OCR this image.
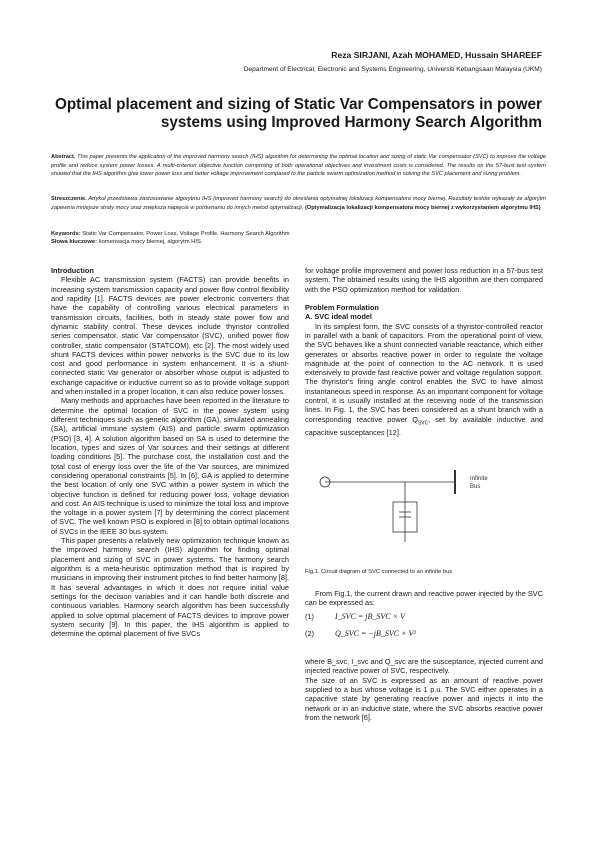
Reza SIRJANI, Azah MOHAMED, Hussain SHAREEF
Department of Electrical, Electronic and Systems Engineering, Universiti Kebangsaan Malaysia (UKM)
Optimal placement and sizing of Static Var Compensators in power systems using Improved Harmony Search Algorithm
Abstract. This paper presents the application of the improved harmony search (IHS) algorithm for determining the optimal location and sizing of static Var compensator (SVC) to improve the voltage profile and reduce system power losses. A multi-criterion objective function comprising of both operational objectives and investment costs is considered. The results on the 57-bust test system showed that the IHS algorithm give lower power loss and better voltage improvement compared to the particle swarm optimization method in solving the SVC placement and sizing problem.
Streszczenie. Artykuł przedstawia zastosowanie algorytmu IHS (improved harmony search) do określania optymalnej lokalizacji kompensatora mocy biernej. Rezultaty testów wykazały że algorytm zapewnia mniejsze straty mocy oraz zwiększa napięcia w porównaniu do innych metod optymalizacji. (Optymalizacja lokalizacji kompensatora mocy biernej z wykorzystaniem algorytmu IHS)
Keywords: Static Var Compensator, Power Loss, Voltage Profile, Harmony Search Algorithm
Słowa kluczowe: komensacja mocy biernej, algorytm HIS.

Introduction

Flexible AC transmission system (FACTS) can provide benefits in increasing system transmission capacity and power flow control flexibility and rapidity [1]. FACTS devices are power electronic converters that have the capability of controlling various electrical parameters in transmission circuits, facilities, both in steady state power flow and dynamic stability control. These devices include thyristor controlled series compensator, static Var compensator (SVC), unified power flow controller, static compensator (STATCOM), etc [2]. The most widely used shunt FACTS devices within power networks is the SVC due to its low cost and good performance in system enhancement. It is a shunt-connected static Var generator or absorber whose output is adjusted to exchange capacitive or inductive current so as to provide voltage support and when installed in a proper location, it can also reduce power losses.

Many methods and approaches have been reported in the literature to determine the optimal location of SVC in the power system using different techniques such as genetic algorithm (GA), simulated annealing (SA), artificial immune system (AIS) and particle swarm optimization (PSO) [3, 4]. A solution algorithm based on SA is used to determine the location, types and sizes of Var sources and their settings at different loading conditions [5]. The purchase cost, the installation cost and the total cost of energy loss over the life of the Var sources, are minimized considering operational constraints [5]. In [6], GA is applied to determine the best location of only one SVC within a power system in which the objective function is defined for reducing power loss, voltage deviation and cost. An AIS technique is used to minimize the total loss and improve the voltage in a power system [7] by determining the correct placement of SVC. The well known PSO is explored in [8] to obtain optimal locations of SVCs in the IEEE 30 bus system.

This paper presents a relatively new optimization technique known as the improved harmony search (IHS) algorithm for finding optimal placement and sizing of SVC in power systems. The harmony search algorithm is a meta-heuristic optimization method that is inspired by musicians in improving their instrument pitches to find better harmony [8]. It has several advantages in which it does not require initial value settings for the decision variables and it can handle both discrete and continuous variables. Harmony search algorithm has been successfully applied to solve optimal placement of FACTS devices to improve power system security [9]. In this paper, the IHS algorithm is applied to determine the optimal placement of five SVCs

for voltage profile improvement and power loss reduction in a 57-bus test system. The obtained results using the IHS algorithm are then compared with the PSO optimization method for validation.

Problem Formulation

A. SVC ideal model

In its simplest form, the SVC consists of a thyristor-controlled reactor in parallel with a bank of capacitors. From the operational point of view, the SVC behaves like a shunt connected variable reactance, which either generates or absorbs reactive power in order to regulate the voltage magnitude at the point of connection to the AC network. It is used extensively to provide fast reactive power and voltage regulation support. The thyristor's firing angle control enables the SVC to have almost instantaneous speed in response. As an important component for voltage control, it is usually installed at the receiving node of the transmission lines. In Fig. 1, the SVC has been considered as a shunt branch with a corresponding reactive power $Q_{SVC}$, set by available inductive and capacitive susceptances [12].

Infinite
Bus
Fig.1. Circuit diagram of SVC connected to an infinite bus

From Fig.1, the current drawn and reactive power injected by the SVC can be expressed as:

(1)	I_SVC = jB_SVC × V
(2)	Q_SVC = −jB_SVC × V²

where B_svc, I_svc and Q_svc are the susceptance, injected current and injected reactive power of SVC, respectively.

The size of an SVC is expressed as an amount of reactive power supplied to a bus whose voltage is 1 p.u. The SVC either operates in a capacitive state by generating reactive power and injects it into the network or in an inductive state, where the SVC absorbs reactive power from the network [6].
